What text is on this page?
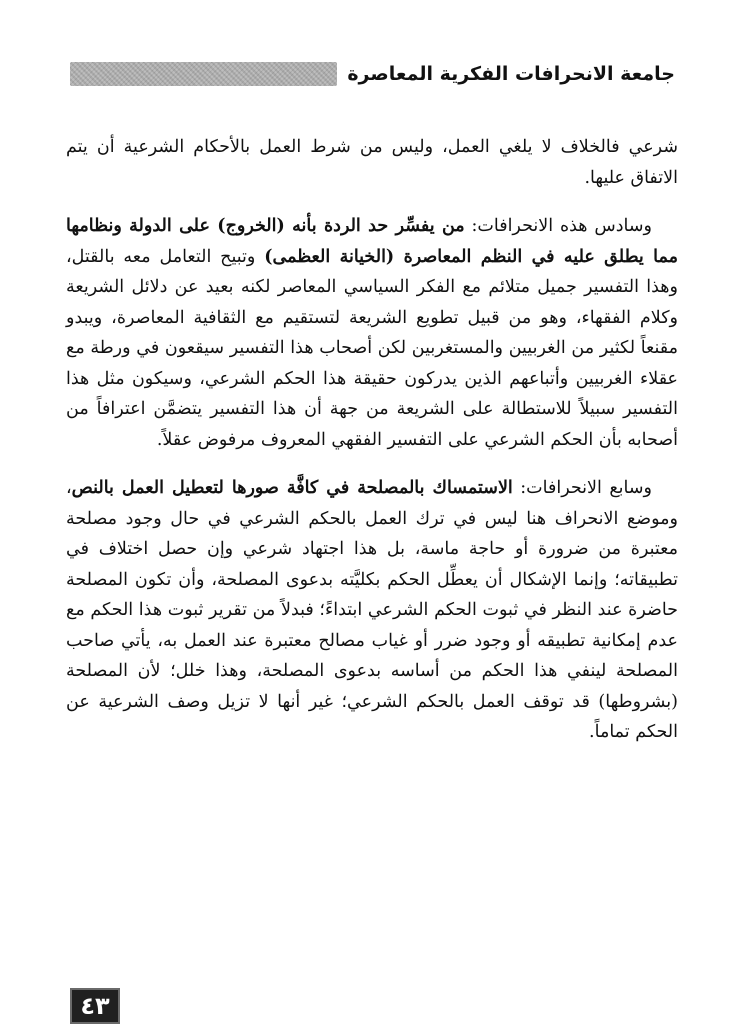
جامعة الانحرافات الفكرية المعاصرة

شرعي فالخلاف لا يلغي العمل، وليس من شرط العمل بالأحكام الشرعية أن يتم الاتفاق عليها.

وسادس هذه الانحرافات: من يفسِّر حد الردة بأنه (الخروج) على الدولة ونظامها مما يطلق عليه في النظم المعاصرة (الخيانة العظمى) وتبيح التعامل معه بالقتل، وهذا التفسير جميل متلائم مع الفكر السياسي المعاصر لكنه بعيد عن دلائل الشريعة وكلام الفقهاء، وهو من قبيل تطويع الشريعة لتستقيم مع الثقافية المعاصرة، ويبدو مقنعاً لكثير من الغربيين والمستغربين لكن أصحاب هذا التفسير سيقعون في ورطة مع عقلاء الغربيين وأتباعهم الذين يدركون حقيقة هذا الحكم الشرعي، وسيكون مثل هذا التفسير سبيلاً للاستطالة على الشريعة من جهة أن هذا التفسير يتضمَّن اعترافاً من أصحابه بأن الحكم الشرعي على التفسير الفقهي المعروف مرفوض عقلاً.

وسابع الانحرافات: الاستمساك بالمصلحة في كافَّة صورها لتعطيل العمل بالنص، وموضع الانحراف هنا ليس في ترك العمل بالحكم الشرعي في حال وجود مصلحة معتبرة من ضرورة أو حاجة ماسة، بل هذا اجتهاد شرعي وإن حصل اختلاف في تطبيقاته؛ وإنما الإشكال أن يعطِّل الحكم بكليَّته بدعوى المصلحة، وأن تكون المصلحة حاضرة عند النظر في ثبوت الحكم الشرعي ابتداءً؛ فبدلاً من تقرير ثبوت هذا الحكم مع عدم إمكانية تطبيقه أو وجود ضرر أو غياب مصالح معتبرة عند العمل به، يأتي صاحب المصلحة لينفي هذا الحكم من أساسه بدعوى المصلحة، وهذا خلل؛ لأن المصلحة (بشروطها) قد توقف العمل بالحكم الشرعي؛ غير أنها لا تزيل وصف الشرعية عن الحكم تماماً.

٤٣
